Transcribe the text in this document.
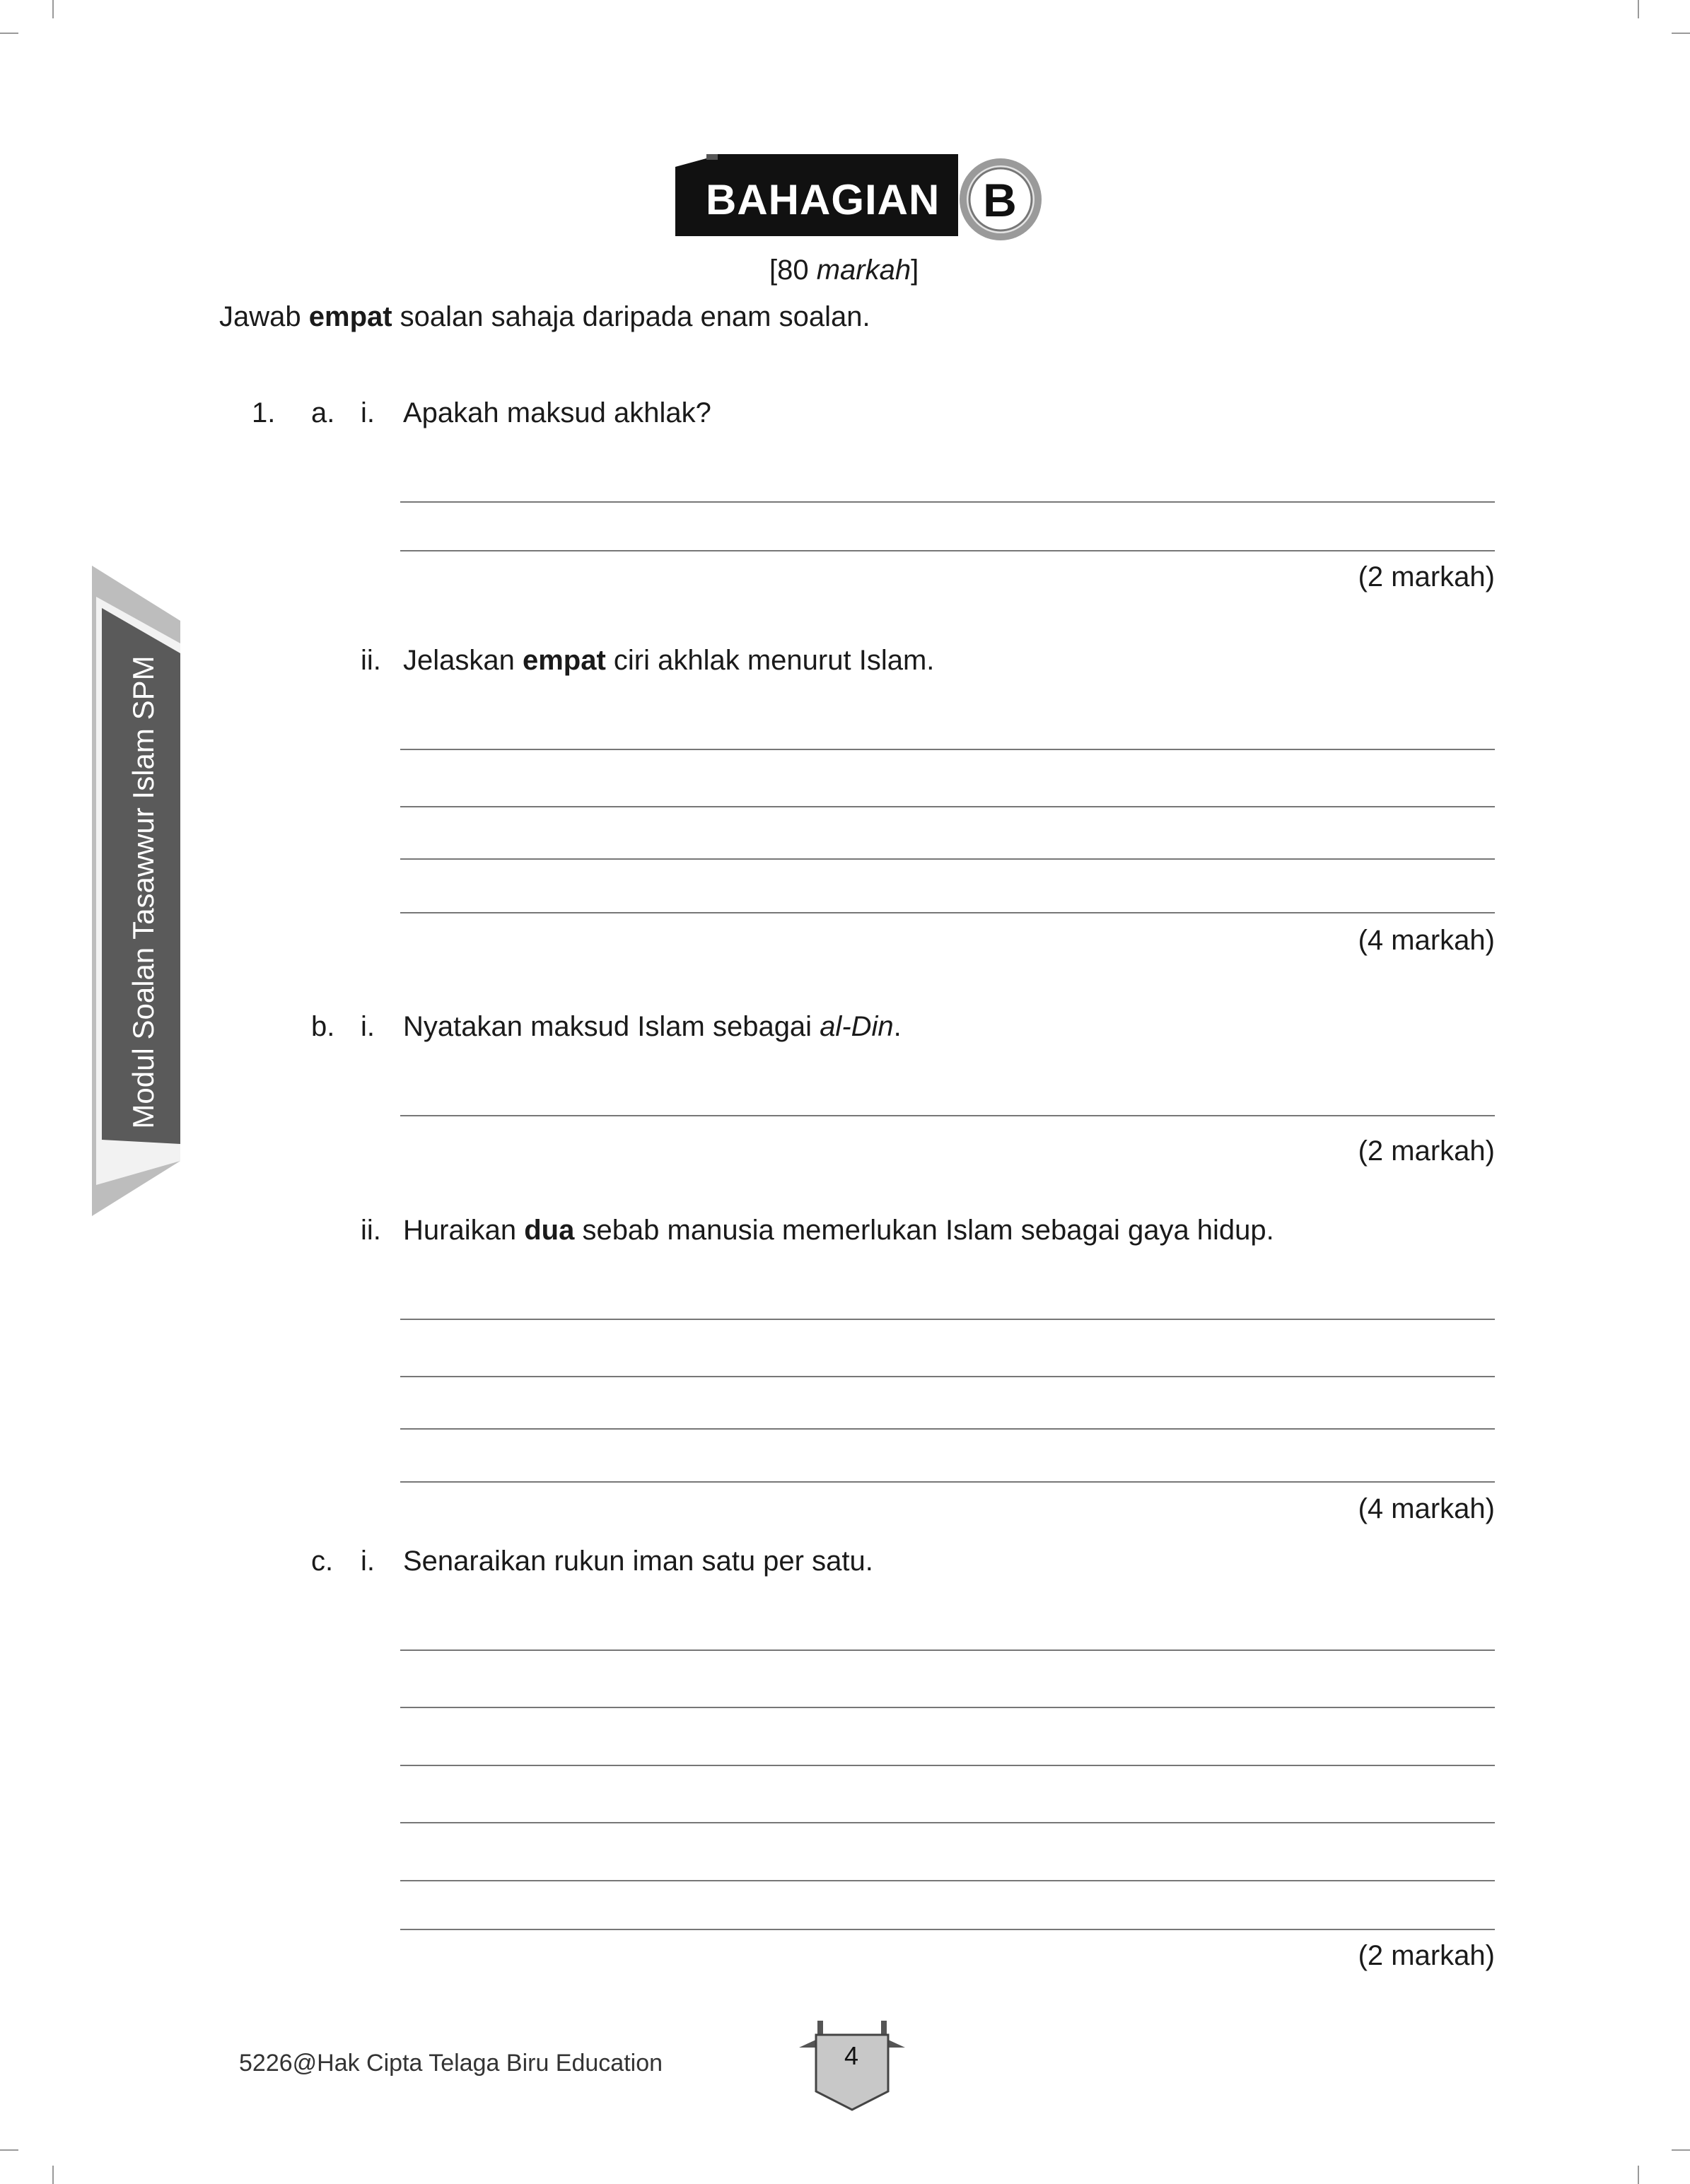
BAHAGIAN B
[80 markah]
Jawab empat soalan sahaja daripada enam soalan.
Modul Soalan Tasawwur Islam SPM
1. a. i. Apakah maksud akhlak?
(2 markah)
ii. Jelaskan empat ciri akhlak menurut Islam.
(4 markah)
b. i. Nyatakan maksud Islam sebagai al-Din.
(2 markah)
ii. Huraikan dua sebab manusia memerlukan Islam sebagai gaya hidup.
(4 markah)
c. i. Senaraikan rukun iman satu per satu.
(2 markah)
5226@Hak Cipta Telaga Biru Education	4
